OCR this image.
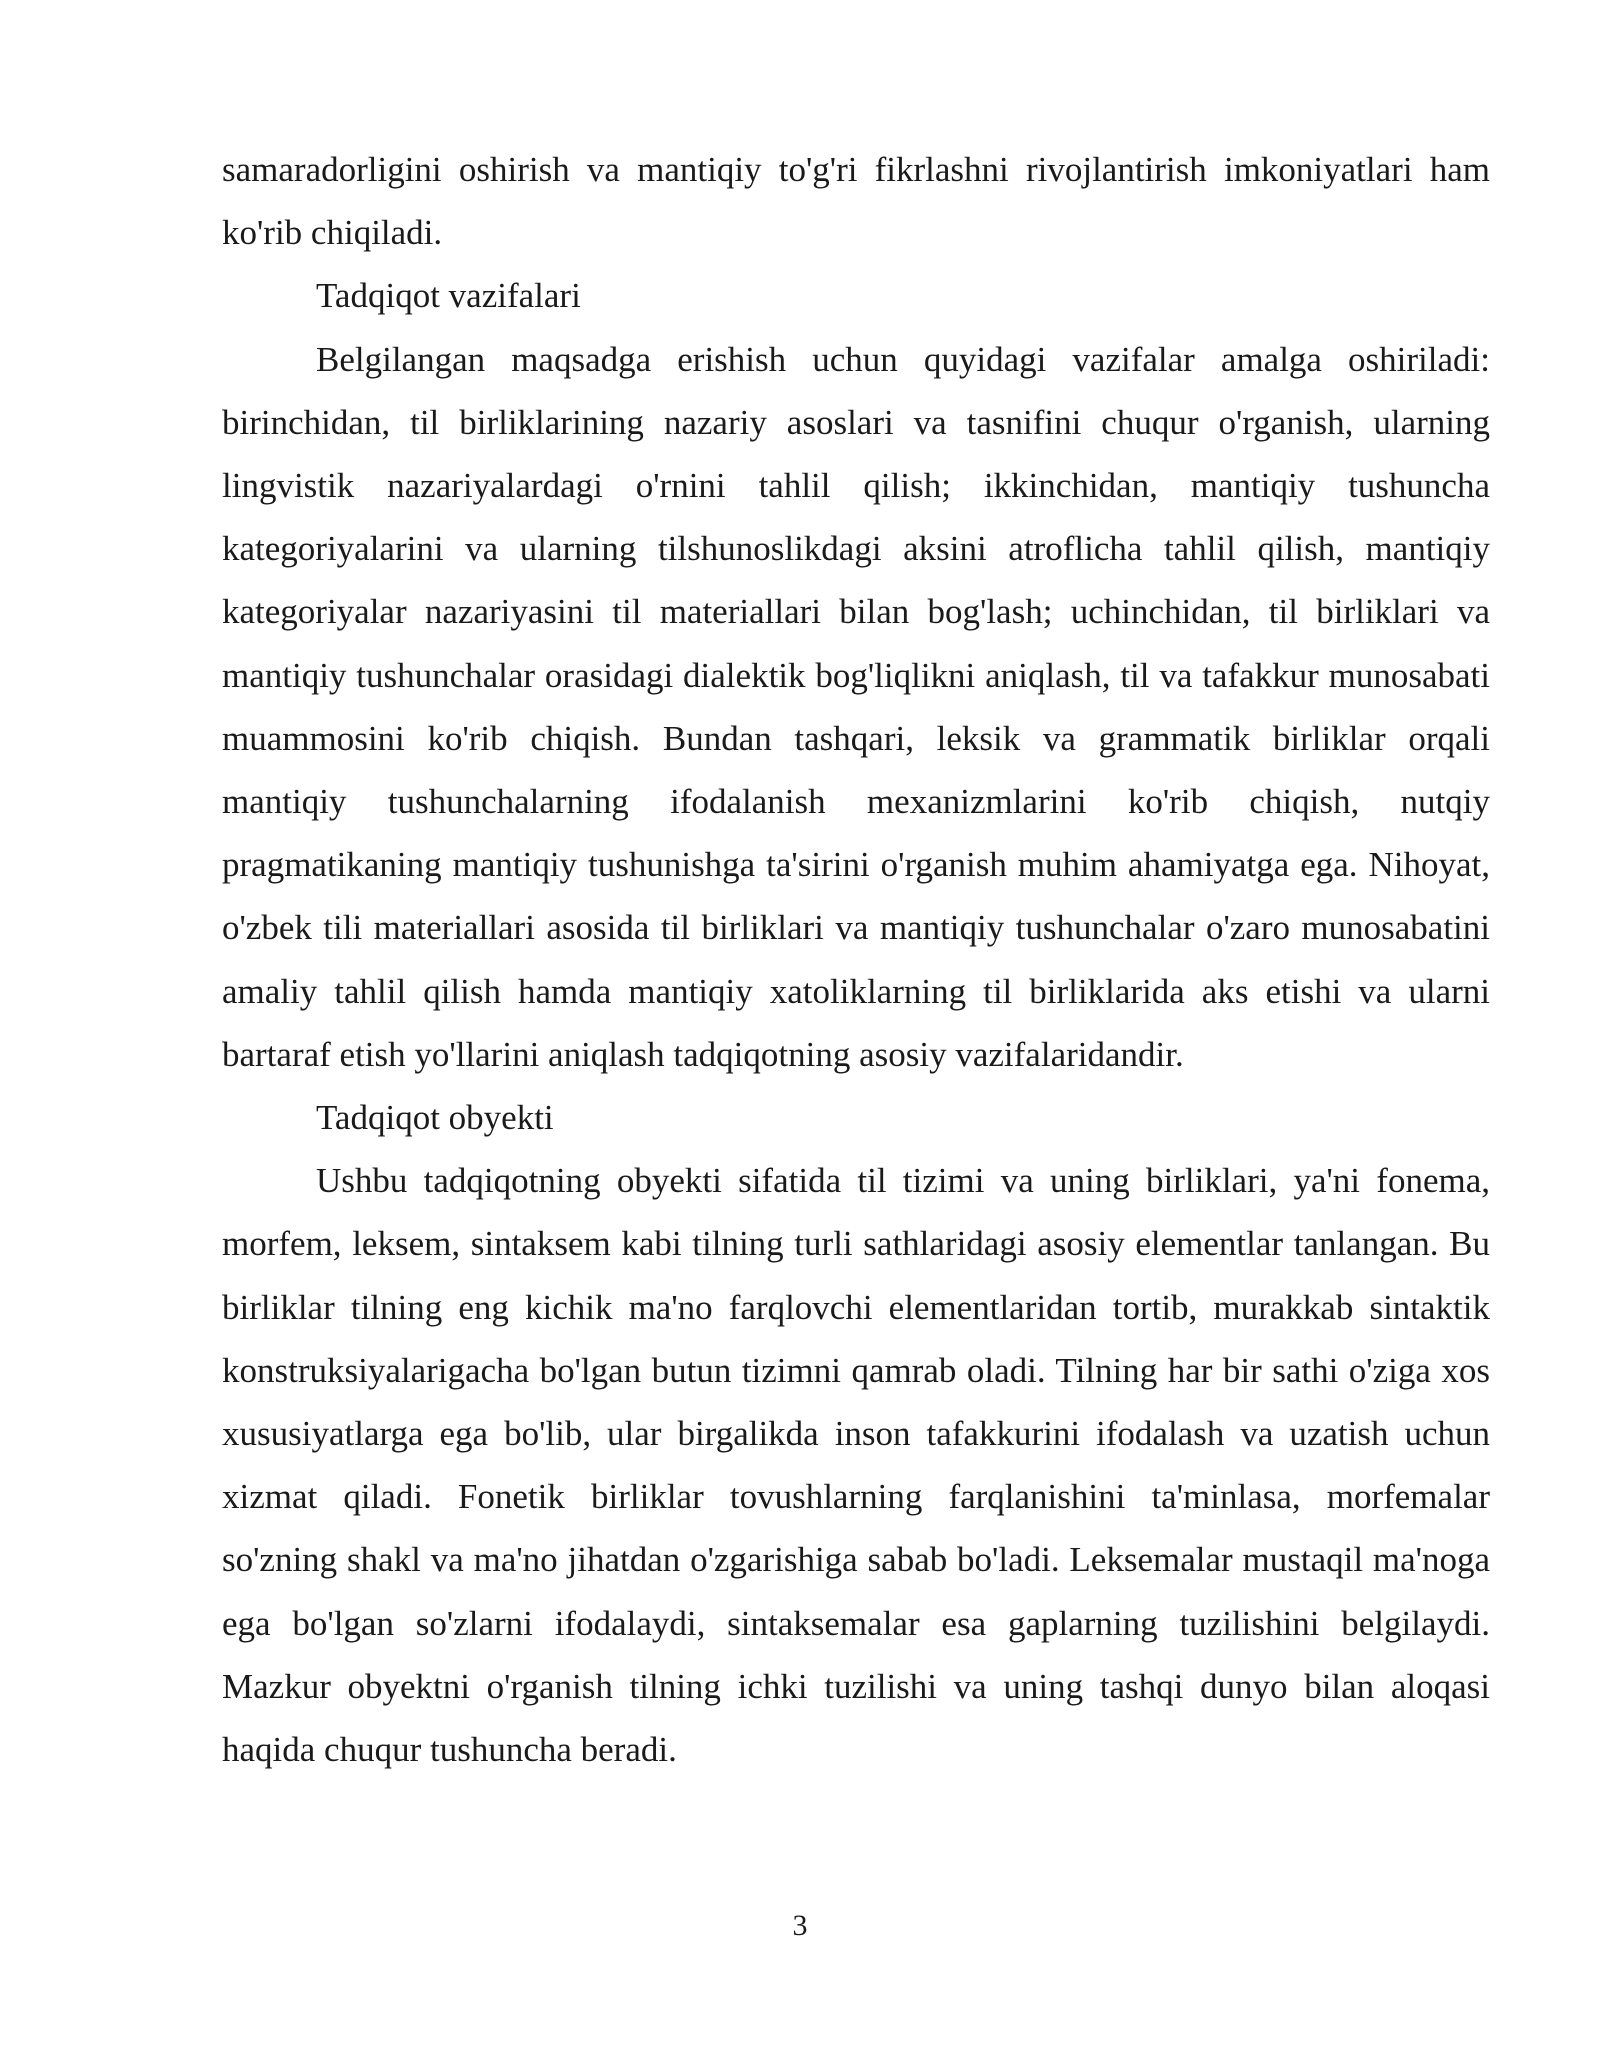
samaradorligini oshirish va mantiqiy to'g'ri fikrlashni rivojlantirish imkoniyatlari ham ko'rib chiqiladi.

Tadqiqot vazifalari

Belgilangan maqsadga erishish uchun quyidagi vazifalar amalga oshiriladi: birinchidan, til birliklarining nazariy asoslari va tasnifini chuqur o'rganish, ularning lingvistik nazariyalardagi o'rnini tahlil qilish; ikkinchidan, mantiqiy tushuncha kategoriyalarini va ularning tilshunoslikdagi aksini atroflicha tahlil qilish, mantiqiy kategoriyalar nazariyasini til materiallari bilan bog'lash; uchinchidan, til birliklari va mantiqiy tushunchalar orasidagi dialektik bog'liqlikni aniqlash, til va tafakkur munosabati muammosini ko'rib chiqish. Bundan tashqari, leksik va grammatik birliklar orqali mantiqiy tushunchalarning ifodalanish mexanizmlarini ko'rib chiqish, nutqiy pragmatikaning mantiqiy tushunishga ta'sirini o'rganish muhim ahamiyatga ega. Nihoyat, o'zbek tili materiallari asosida til birliklari va mantiqiy tushunchalar o'zaro munosabatini amaliy tahlil qilish hamda mantiqiy xatoliklarning til birliklarida aks etishi va ularni bartaraf etish yo'llarini aniqlash tadqiqotning asosiy vazifalaridandir.

Tadqiqot obyekti

Ushbu tadqiqotning obyekti sifatida til tizimi va uning birliklari, ya'ni fonema, morfem, leksem, sintaksem kabi tilning turli sathlaridagi asosiy elementlar tanlangan. Bu birliklar tilning eng kichik ma'no farqlovchi elementlaridan tortib, murakkab sintaktik konstruksiyalarigacha bo'lgan butun tizimni qamrab oladi. Tilning har bir sathi o'ziga xos xususiyatlarga ega bo'lib, ular birgalikda inson tafakkurini ifodalash va uzatish uchun xizmat qiladi. Fonetik birliklar tovushlarning farqlanishini ta'minlasa, morfemalar so'zning shakl va ma'no jihatdan o'zgarishiga sabab bo'ladi. Leksemalar mustaqil ma'noga ega bo'lgan so'zlarni ifodalaydi, sintaksemalar esa gaplarning tuzilishini belgilaydi. Mazkur obyektni o'rganish tilning ichki tuzilishi va uning tashqi dunyo bilan aloqasi haqida chuqur tushuncha beradi.

3
